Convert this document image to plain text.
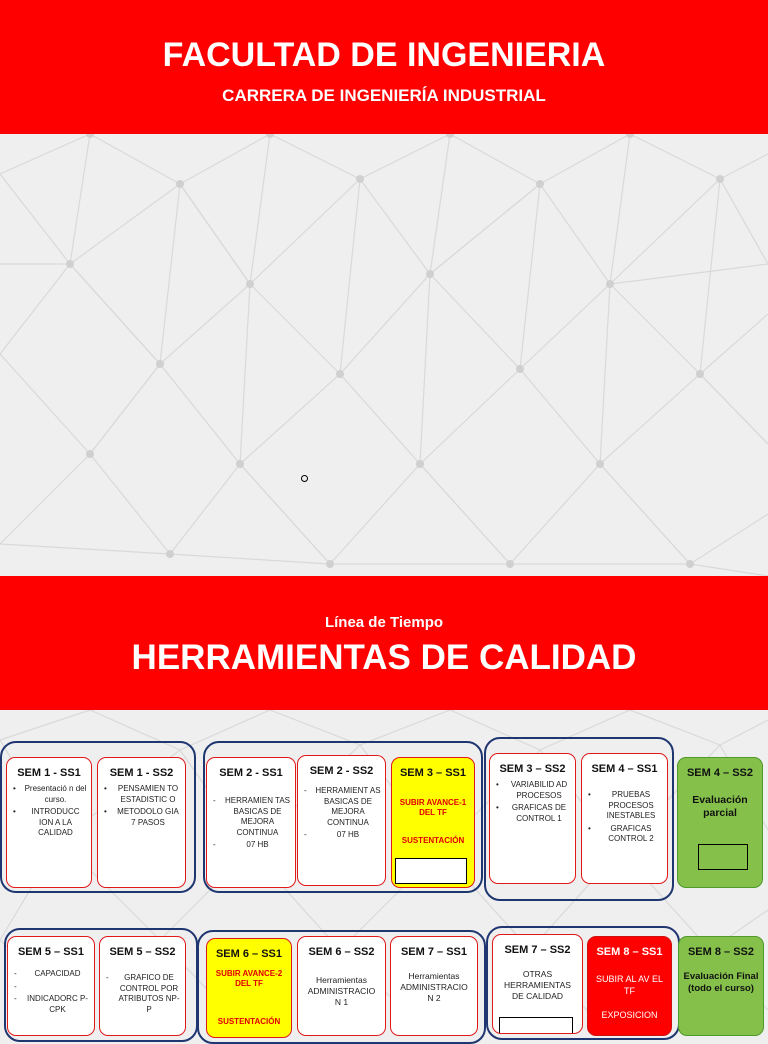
FACULTAD DE INGENIERIA
CARRERA DE INGENIERÍA INDUSTRIAL
Línea de Tiempo
HERRAMIENTAS DE CALIDAD
SEM 1 - SS1
• Presentació n del curso.
• INTRODUCC ION A LA CALIDAD
SEM 1 - SS2
• PENSAMIEN TO ESTADISTIC O
• METODOLO GIA 7 PASOS
SEM 2 - SS1
- HERRAMIEN TAS BASICAS DE MEJORA CONTINUA
- 07 HB
SEM 2 - SS2
- HERRAMIENT AS BASICAS DE MEJORA CONTINUA
- 07 HB
SEM 3 – SS1
SUBIR AVANCE-1 DEL TF
SUSTENTACIÓN
SEM 3 – SS2
• VARIABILID AD PROCESOS
• GRAFICAS DE CONTROL 1
SEM 4 – SS1
• PRUEBAS PROCESOS INESTABLES
• GRAFICAS CONTROL 2
SEM 4 – SS2
Evaluación parcial
SEM 5 – SS1
- CAPACIDAD
-
- INDICADORC P-CPK
SEM 5 – SS2
- GRAFICO DE CONTROL POR ATRIBUTOS NP-P
SEM 6 – SS1
SUBIR AVANCE-2 DEL TF
SUSTENTACIÓN
SEM 6 – SS2
Herramientas ADMINISTRACIO N 1
SEM 7 – SS1
Herramientas ADMINISTRACIO N 2
SEM 7 – SS2
OTRAS HERRAMIENTAS DE CALIDAD
SEM 8 – SS1
SUBIR AL AV EL TF
EXPOSICION
SEM 8 – SS2
Evaluación Final (todo el curso)
